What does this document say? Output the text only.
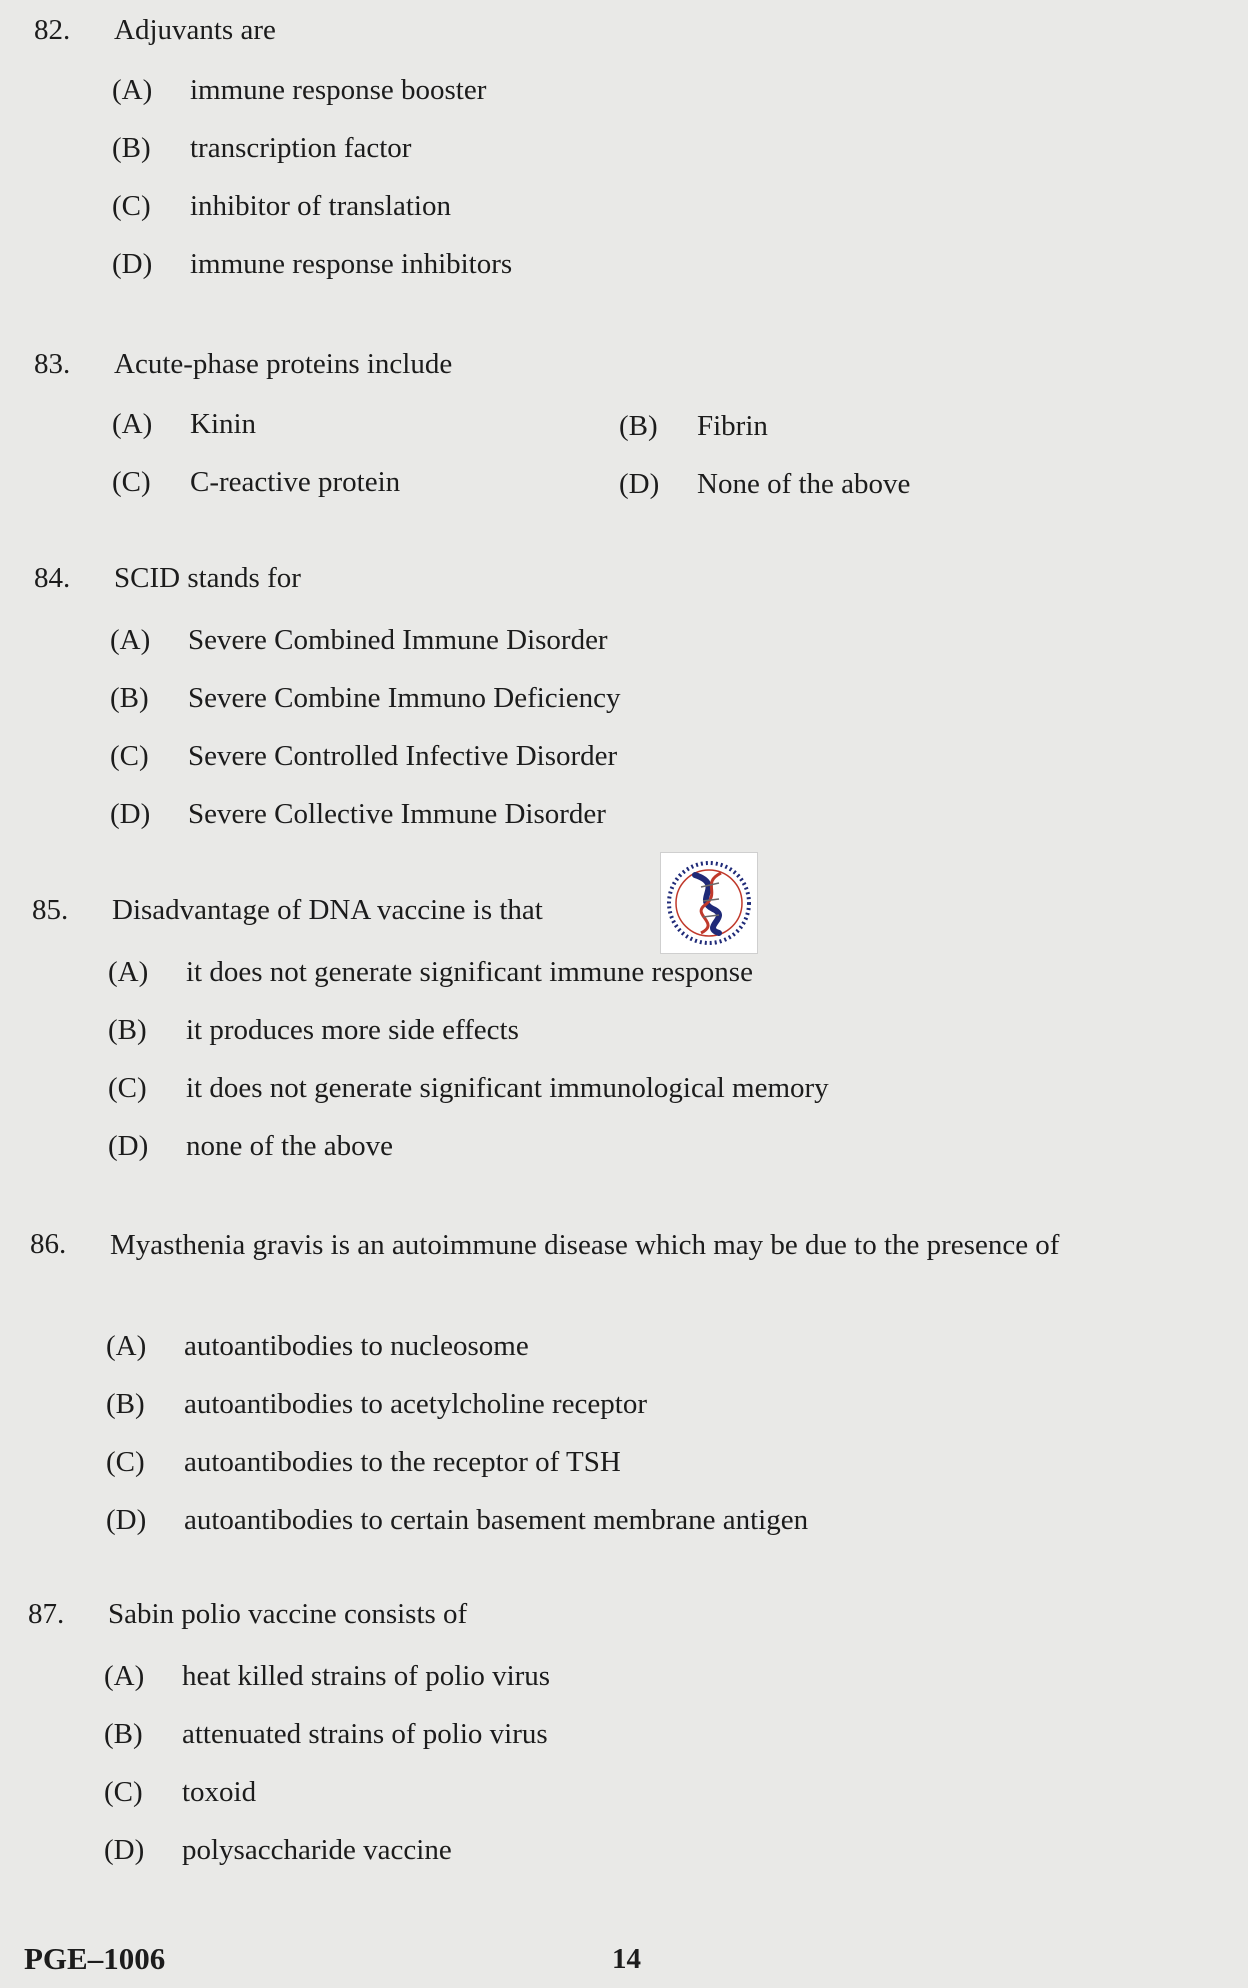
82. Adjuvants are
(A) immune response booster
(B) transcription factor
(C) inhibitor of translation
(D) immune response inhibitors
83. Acute-phase proteins include
(A) Kinin	(B) Fibrin
(C) C-reactive protein	(D) None of the above
84. SCID stands for
(A) Severe Combined Immune Disorder
(B) Severe Combine Immuno Deficiency
(C) Severe Controlled Infective Disorder
(D) Severe Collective Immune Disorder
85. Disadvantage of DNA vaccine is that
(A) it does not generate significant immune response
(B) it produces more side effects
(C) it does not generate significant immunological memory
(D) none of the above
86. Myasthenia gravis is an autoimmune disease which may be due to the presence of
(A) autoantibodies to nucleosome
(B) autoantibodies to acetylcholine receptor
(C) autoantibodies to the receptor of TSH
(D) autoantibodies to certain basement membrane antigen
87. Sabin polio vaccine consists of
(A) heat killed strains of polio virus
(B) attenuated strains of polio virus
(C) toxoid
(D) polysaccharide vaccine
PGE–1006	14
